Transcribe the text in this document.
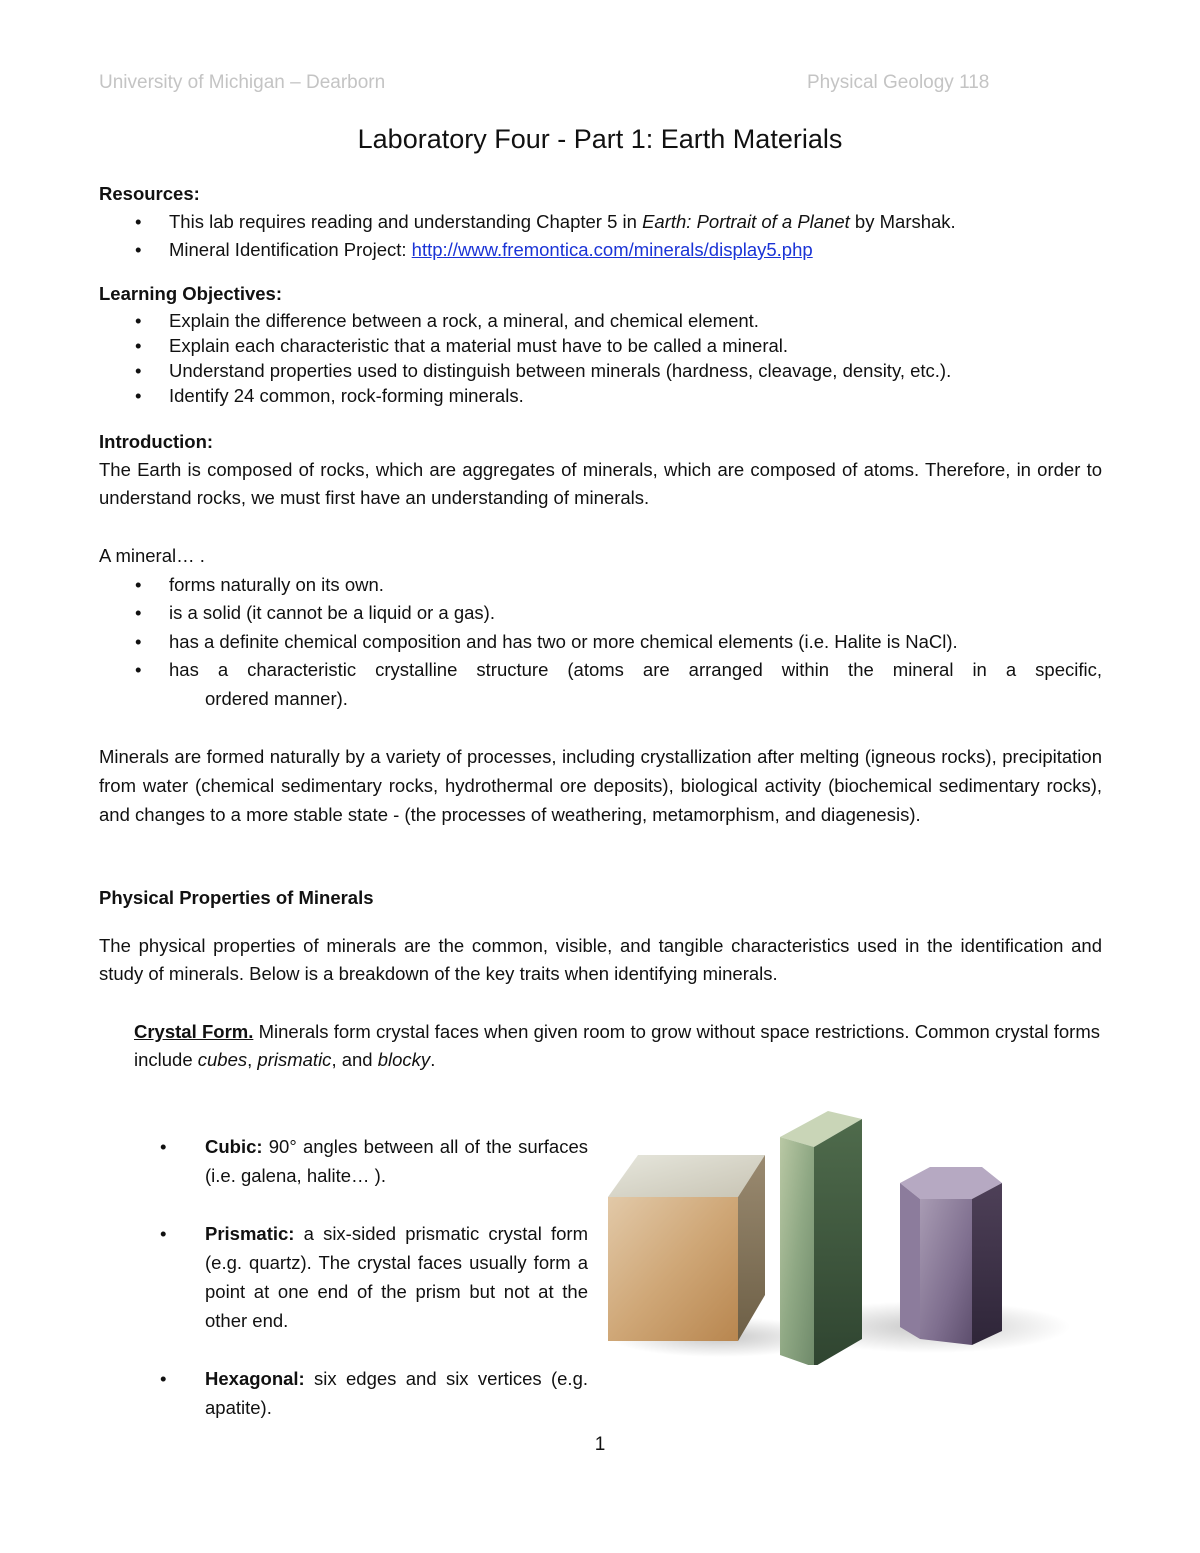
University of Michigan – Dearborn	Physical Geology 118
Laboratory Four - Part 1: Earth Materials

Resources:

• This lab requires reading and understanding Chapter 5 in Earth: Portrait of a Planet by Marshak.
• Mineral Identification Project: http://www.fremontica.com/minerals/display5.php

Learning Objectives:

• Explain the difference between a rock, a mineral, and chemical element.
• Explain each characteristic that a material must have to be called a mineral.
• Understand properties used to distinguish between minerals (hardness, cleavage, density, etc.).
• Identify 24 common, rock-forming minerals.

Introduction:

The Earth is composed of rocks, which are aggregates of minerals, which are composed of atoms. Therefore, in order to understand rocks, we must first have an understanding of minerals.

A mineral… .

• forms naturally on its own.
• is a solid (it cannot be a liquid or a gas).
• has a definite chemical composition and has two or more chemical elements (i.e. Halite is NaCl).
• has a characteristic crystalline structure (atoms are arranged within the mineral in a specific,

ordered manner).

Minerals are formed naturally by a variety of processes, including crystallization after melting (igneous rocks), precipitation from water (chemical sedimentary rocks, hydrothermal ore deposits), biological activity (biochemical sedimentary rocks), and changes to a more stable state - (the processes of weathering, metamorphism, and diagenesis).

Physical Properties of Minerals

The physical properties of minerals are the common, visible, and tangible characteristics used in the identification and study of minerals. Below is a breakdown of the key traits when identifying minerals.

Crystal Form. Minerals form crystal faces when given room to grow without space restrictions. Common crystal forms include cubes, prismatic, and blocky.

• Cubic: 90° angles between all of the surfaces (i.e. galena, halite… ).
• Prismatic: a six-sided prismatic crystal form (e.g. quartz). The crystal faces usually form a point at one end of the prism but not at the other end.
• Hexagonal: six edges and six vertices (e.g. apatite).
1
